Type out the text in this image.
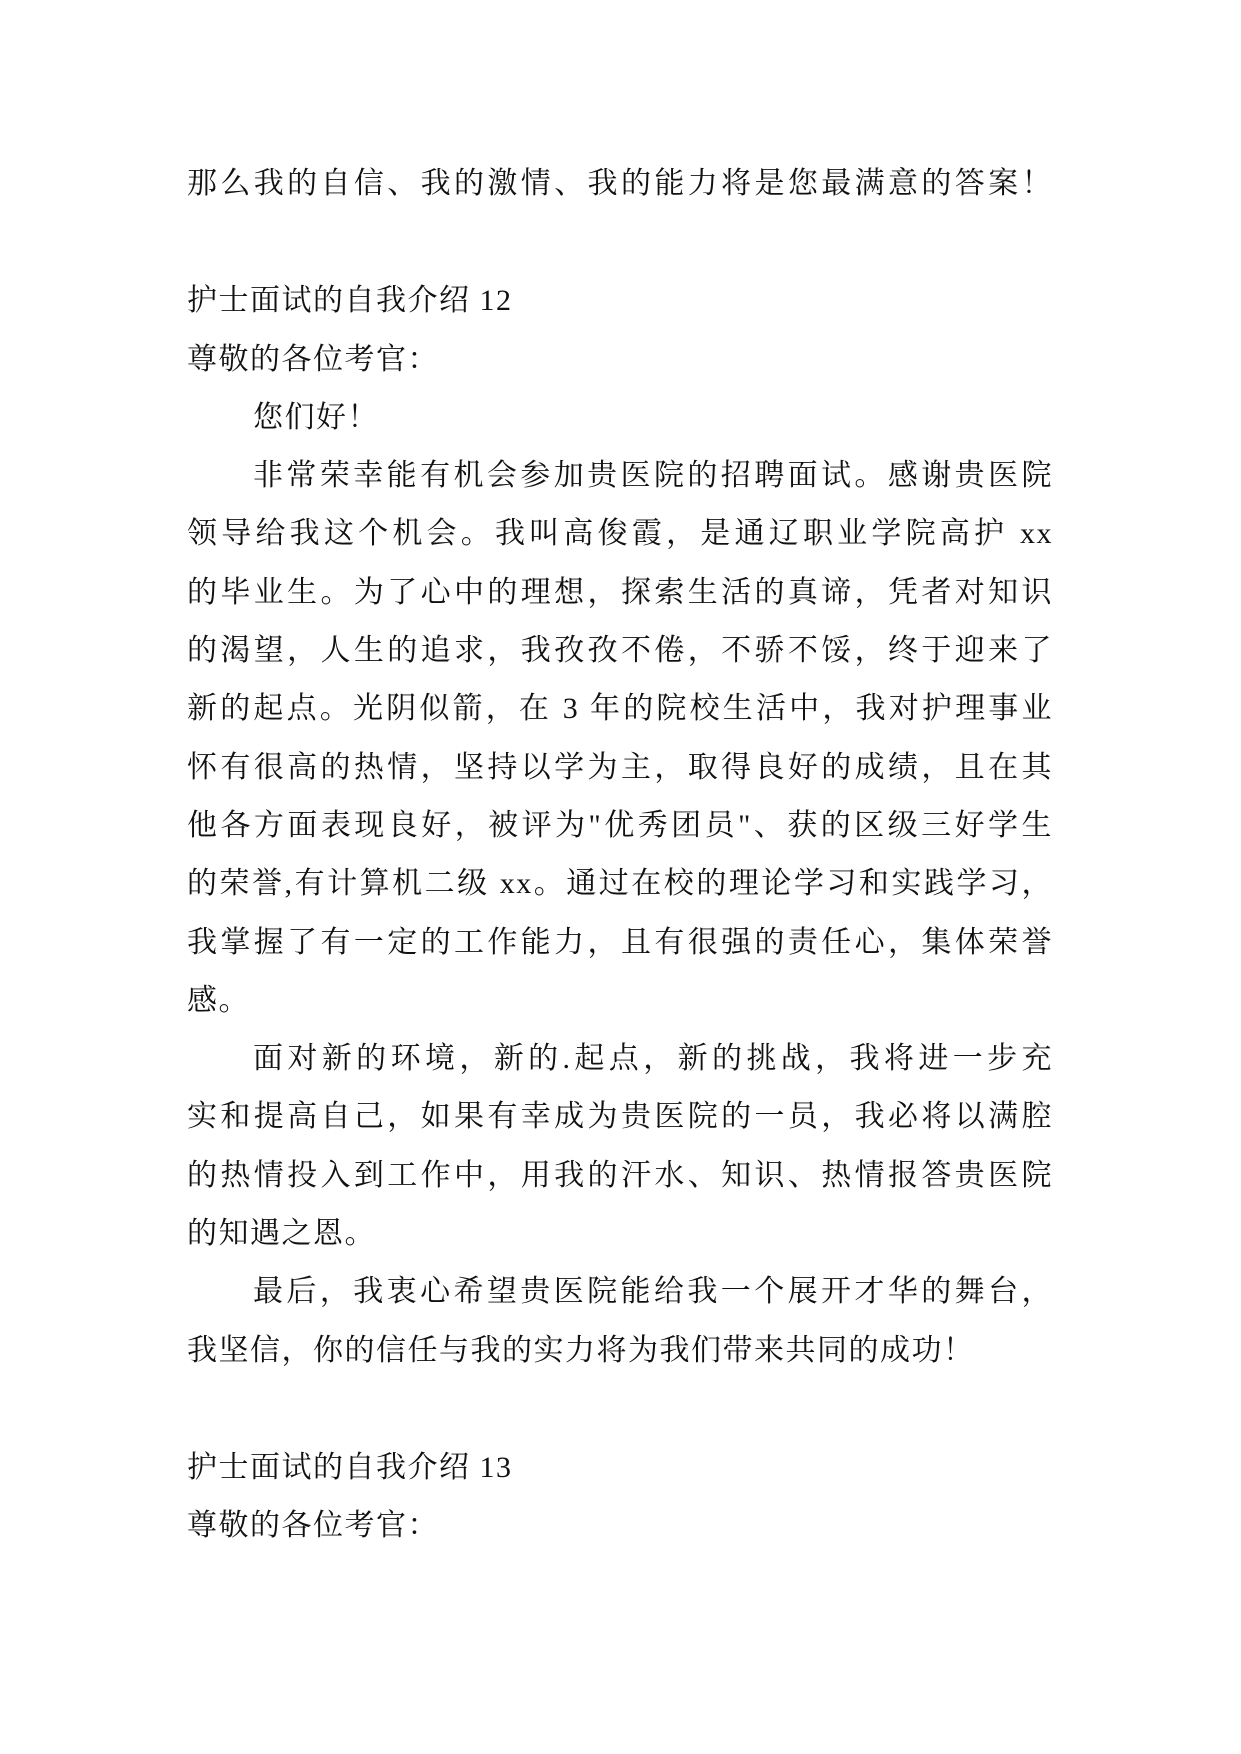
那么我的自信、我的激情、我的能力将是您最满意的答案！
护士面试的自我介绍 12
尊敬的各位考官：
您们好！
非常荣幸能有机会参加贵医院的招聘面试。感谢贵医院
领导给我这个机会。我叫高俊霞，是通辽职业学院高护 xx
的毕业生。为了心中的理想，探索生活的真谛，凭者对知识
的渴望，人生的追求，我孜孜不倦，不骄不馁，终于迎来了
新的起点。光阴似箭，在 3 年的院校生活中，我对护理事业
怀有很高的热情，坚持以学为主，取得良好的成绩，且在其
他各方面表现良好，被评为"优秀团员"、获的区级三好学生
的荣誉,有计算机二级 xx。通过在校的理论学习和实践学习，
我掌握了有一定的工作能力，且有很强的责任心，集体荣誉
感。
面对新的环境，新的.起点，新的挑战，我将进一步充
实和提高自己，如果有幸成为贵医院的一员，我必将以满腔
的热情投入到工作中，用我的汗水、知识、热情报答贵医院
的知遇之恩。
最后，我衷心希望贵医院能给我一个展开才华的舞台，
我坚信，你的信任与我的实力将为我们带来共同的成功！
护士面试的自我介绍 13
尊敬的各位考官：
